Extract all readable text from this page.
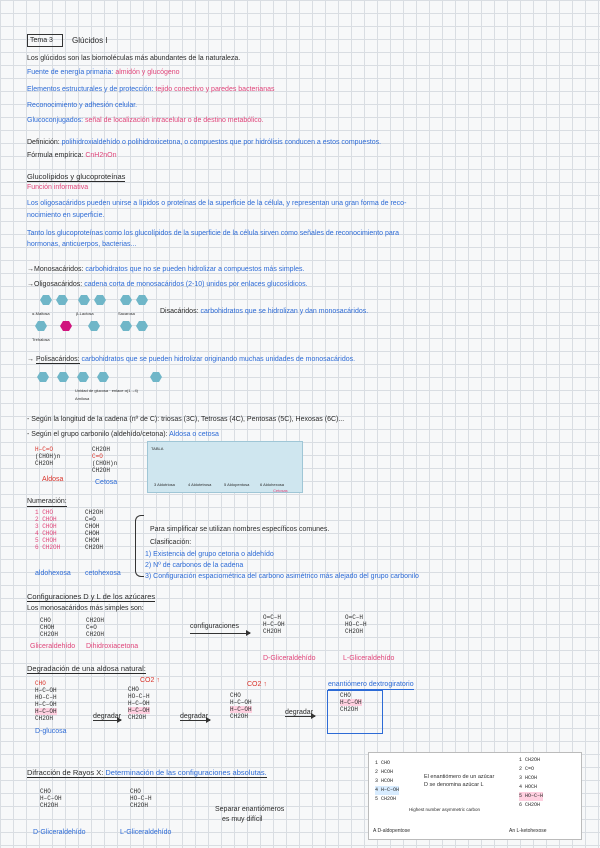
Tema 3 Glúcidos I
Los glúcidos son las biomoléculas más abundantes de la naturaleza.
Fuente de energía primaria: almidón y glucógeno
Elementos estructurales y de protección: tejido conectivo y paredes bacterianas
Reconocimiento y adhesión celular.
Glucoconjugados: señal de localización intracelular o de destino metabólico.
Definición: polihidroxialdehído o polihidroxicetona, o compuestos que por hidrólisis conducen a estos compuestos.
Fórmula empírica: CnH2nOn
Glucolípidos y glucoproteínas
Función informativa
Los oligosacáridos pueden unirse a lípidos o proteínas de la superficie de la célula, y representan una gran forma de reco-
nocimiento en superficie.
Tanto los glucoproteínas como los glucolípidos de la superficie de la célula sirven como señales de reconocimiento para
hormonas, anticuerpos, bacterias...
→Monosacáridos: carbohidratos que no se pueden hidrolizar a compuestos más simples.
→Oligosacáridos: cadena corta de monosacáridos (2-10) unidos por enlaces glucosídicos.
α-Maltosa	β-Lactosa	Sacarosa
Trehalosa
Disacáridos: carbohidratos que se hidrolizan y dan monosacáridos.
→ Polisacáridos: carbohidratos que se pueden hidrolizar originando muchas unidades de monosacáridos.
Unidad de glucosa · enlace α(1→4)
Amilosa
- Según la longitud de la cadena (nº de C): triosas (3C), Tetrosas (4C), Pentosas (5C), Hexosas (6C)...
- Según el grupo carbonilo (aldehído/cetona): Aldosa o cetosa
H–C=O
(CHOH)n
CH2OH
Aldosa
CH2OH
C=O
(CHOH)n
CH2OH
Cetosa
TABLA
3 Aldotriosa	4 Aldotetrosa	5 Aldopentosa	6 Aldohexosa
Cetosas
Numeración:
1 CHO
2 CHOH
3 CHOH
4 CHOH
5 CHOH
6 CH2OH
CH2OH
C=O
CHOH
CHOH
CHOH
CH2OH
aldohexosa cetohexosa
Para simplificar se utilizan nombres específicos comunes.
Clasificación:
1) Existencia del grupo cetona o aldehído
2) Nº de carbonos de la cadena
3) Configuración espaciométrica del carbono asimétrico más alejado del grupo carbonilo
Configuraciones D y L de los azúcares
Los monosacáridos más simples son:
CHO
CHOH
CH2OH
Gliceraldehído
CH2OH
C=O
CH2OH
Dihidroxiacetona
configuraciones
O=C–H
H–C–OH
CH2OH
D-Gliceraldehído
O=C–H
HO–C–H
CH2OH
L-Gliceraldehído
Degradación de una aldosa natural:
CHO
H–C–OH
HO–C–H
H–C–OH
H–C–OH
CH2OH
D-glucosa
degradar
CO2 ↑
CHO
HO–C–H
H–C–OH
H–C–OH
CH2OH	degradar
CO2 ↑
CHO
H–C–OH
H–C–OH
CH2OH
degradar
enantiómero dextrogiratorio
CHO
H–C–OH
CH2OH
Difracción de Rayos X: Determinación de las configuraciones absolutas.
CHO
H–C–OH
CH2OH
D-Gliceraldehído
CHO
HO–C–H
CH2OH
L-Gliceraldehído
Separar enantiómeros
es muy difícil
1 CHO
2 HCOH
3 HCOH
4 H–C–OH
5 CH2OH
1 CH2OH
2 C=O
3 HCOH
4 HOCH
5 HO–C–H
6 CH2OH
El enantiómero de un azúcar
D se denomina azúcar L
Highest number asymmetric carbon
A D-aldopentose	An L-ketohexose
